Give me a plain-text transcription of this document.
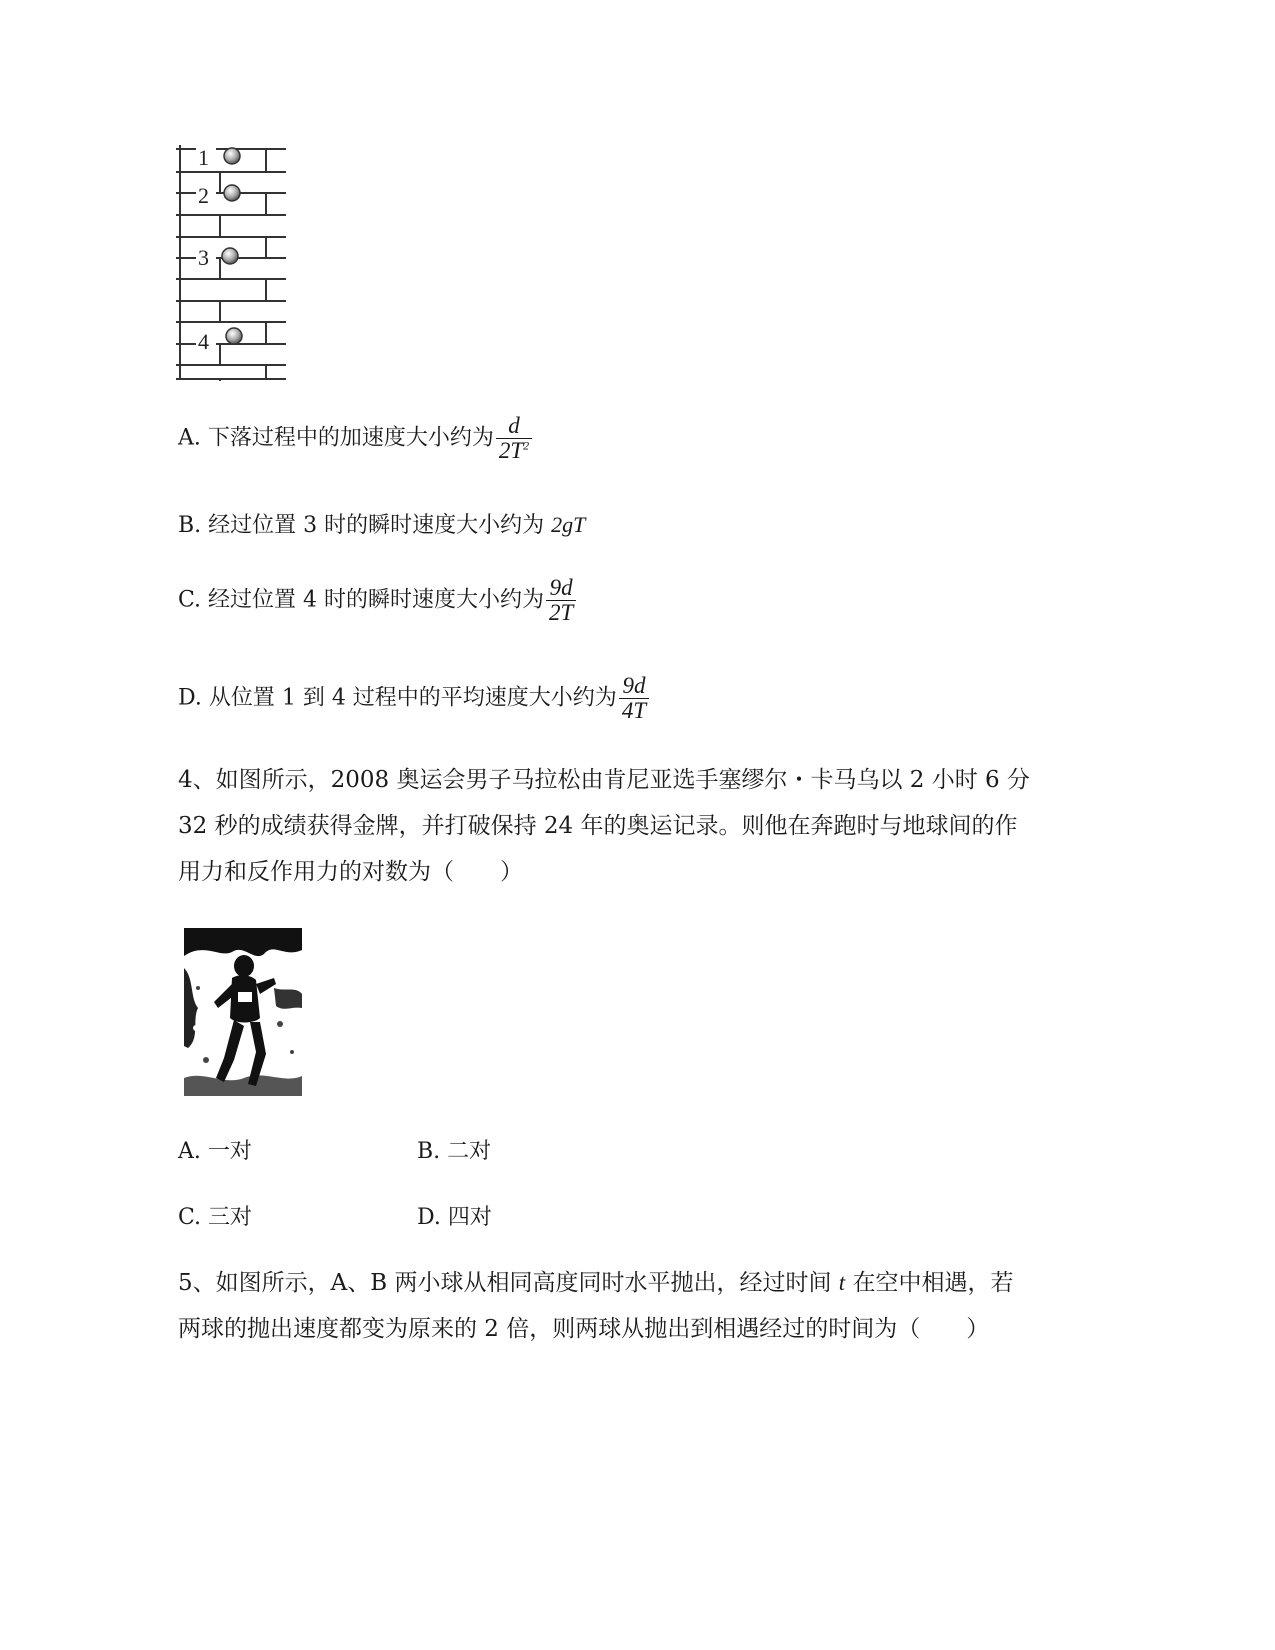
1
2
3
4
A. 下落过程中的加速度大小约为 $\frac{d}{2T^2}$
B. 经过位置 3 时的瞬时速度大小约为 2gT
C. 经过位置 4 时的瞬时速度大小约为 $\frac{9d}{2T}$
D. 从位置 1 到 4 过程中的平均速度大小约为 $\frac{9d}{4T}$
4、如图所示，2008 奥运会男子马拉松由肯尼亚选手塞缪尔・卡马乌以 2 小时 6 分
32 秒的成绩获得金牌，并打破保持 24 年的奥运记录。则他在奔跑时与地球间的作
用力和反作用力的对数为（　　）
A. 一对	B. 二对
C. 三对	D. 四对
5、如图所示，A、B 两小球从相同高度同时水平抛出，经过时间 t 在空中相遇，若
两球的抛出速度都变为原来的 2 倍，则两球从抛出到相遇经过的时间为（　　）
